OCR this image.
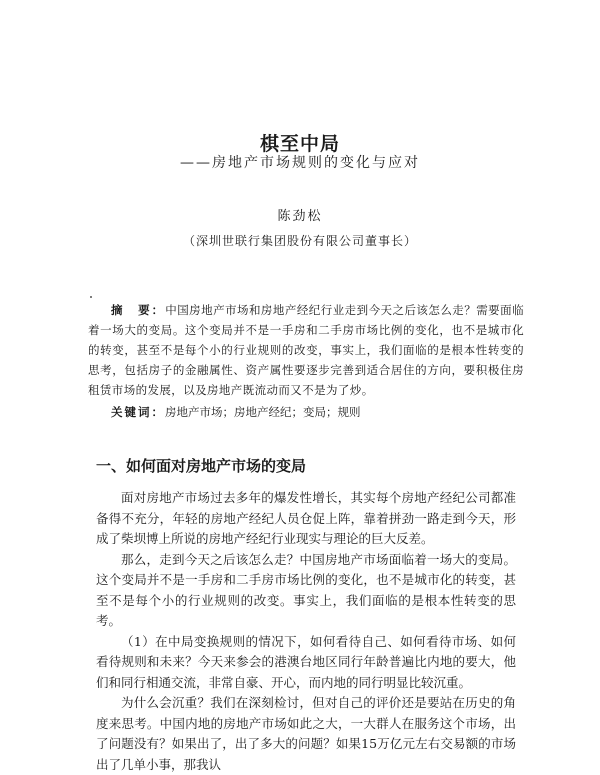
棋至中局
——房地产市场规则的变化与应对
陈劲松
（深圳世联行集团股份有限公司董事长）

摘　要：中国房地产市场和房地产经纪行业走到今天之后该怎么走？需要面临着一场大的变局。这个变局并不是一手房和二手房市场比例的变化，也不是城市化的转变，甚至不是每个小的行业规则的改变，事实上，我们面临的是根本性转变的思考，包括房子的金融属性、资产属性要逐步完善到适合居住的方向，要积极住房租赁市场的发展，以及房地产既流动而又不是为了炒。

关键词：房地产市场；房地产经纪；变局；规则

一、如何面对房地产市场的变局

面对房地产市场过去多年的爆发性增长，其实每个房地产经纪公司都准备得不充分，年轻的房地产经纪人员仓促上阵，靠着拼劲一路走到今天，形成了柴坝博上所说的房地产经纪行业现实与理论的巨大反差。

那么，走到今天之后该怎么走？中国房地产市场面临着一场大的变局。这个变局并不是一手房和二手房市场比例的变化，也不是城市化的转变，甚至不是每个小的行业规则的改变。事实上，我们面临的是根本性转变的思考。

（1）在中局变换规则的情况下，如何看待自己、如何看待市场、如何看待规则和未来？今天来参会的港澳台地区同行年龄普遍比内地的要大，他们和同行相通交流，非常自豪、开心，而内地的同行明显比较沉重。

为什么会沉重？我们在深刻检讨，但对自己的评价还是要站在历史的角度来思考。中国内地的房地产市场如此之大，一大群人在服务这个市场，出了问题没有？如果出了，出了多大的问题？如果15万亿元左右交易额的市场出了几单小事，那我认
